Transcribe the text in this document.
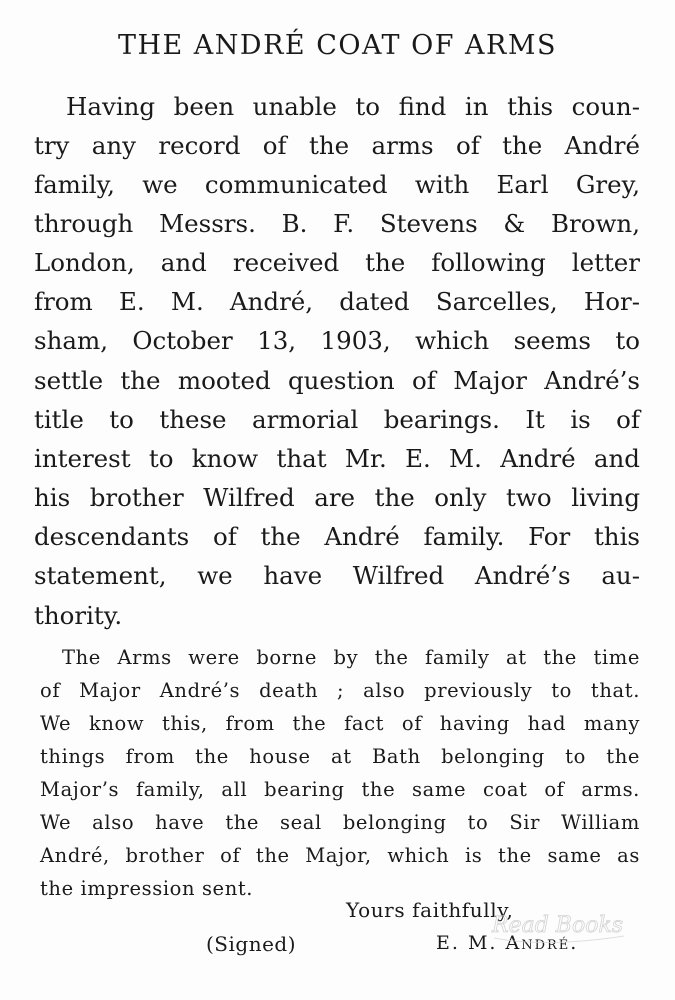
THE ANDRÉ COAT OF ARMS
Having been unable to find in this coun-
try any record of the arms of the André
family, we communicated with Earl Grey,
through Messrs. B. F. Stevens & Brown,
London, and received the following letter
from E. M. André, dated Sarcelles, Hor-
sham, October 13, 1903, which seems to
settle the mooted question of Major André’s
title to these armorial bearings. It is of
interest to know that Mr. E. M. André and
his brother Wilfred are the only two living
descendants of the André family. For this
statement, we have Wilfred André’s au-
thority.
The Arms were borne by the family at the time
of Major André’s death ; also previously to that.
We know this, from the fact of having had many
things from the house at Bath belonging to the
Major’s family, all bearing the same coat of arms.
We also have the seal belonging to Sir William
André, brother of the Major, which is the same as
the impression sent.
Yours faithfully,
(Signed)	E. M. André.
Read Books
